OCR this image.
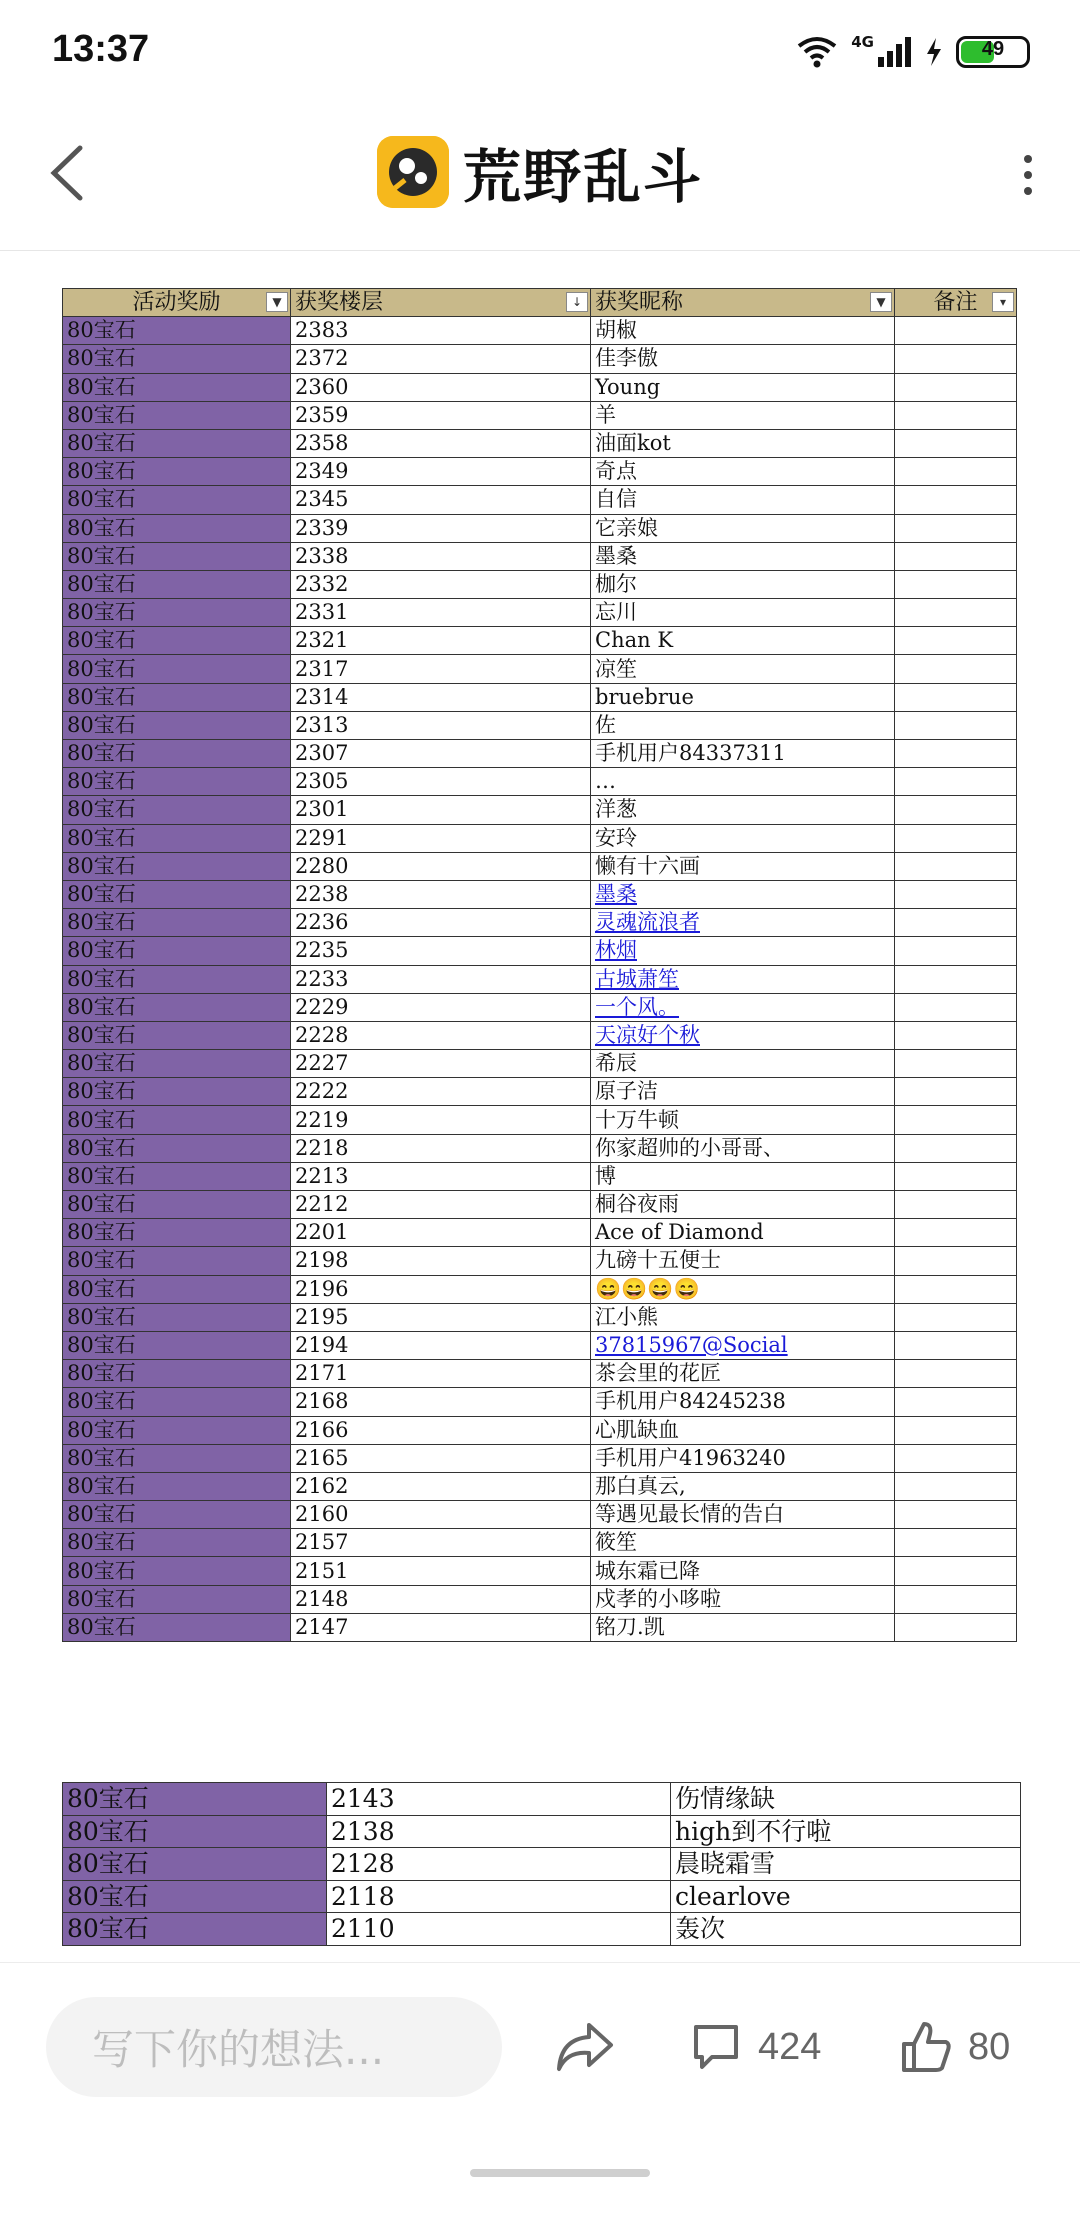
13:37	4G	49
荒野乱斗
活动奖励 ▼	获奖楼层 ↓	获奖昵称 ▼	备注 ▾

80宝石	2383	胡椒	
80宝石	2372	佳李傲	
80宝石	2360	Young	
80宝石	2359	羊	
80宝石	2358	油面kot	
80宝石	2349	奇点	
80宝石	2345	自信	
80宝石	2339	它亲娘	
80宝石	2338	墨桑	
80宝石	2332	枷尔	
80宝石	2331	忘川	
80宝石	2321	Chan K	
80宝石	2317	凉笙	
80宝石	2314	bruebrue	
80宝石	2313	佐	
80宝石	2307	手机用户84337311	
80宝石	2305	…	
80宝石	2301	洋葱	
80宝石	2291	安玲	
80宝石	2280	懒有十六画	
80宝石	2238	墨桑	
80宝石	2236	灵魂流浪者	
80宝石	2235	林烟	
80宝石	2233	古城萧笙	
80宝石	2229	一个风。	
80宝石	2228	天凉好个秋	
80宝石	2227	希辰	
80宝石	2222	原子洁	
80宝石	2219	十万牛顿	
80宝石	2218	你家超帅的小哥哥、	
80宝石	2213	博	
80宝石	2212	桐谷夜雨	
80宝石	2201	Ace of Diamond	
80宝石	2198	九磅十五便士	
80宝石	2196	😄😄😄😄	
80宝石	2195	江小熊	
80宝石	2194	37815967@Social	
80宝石	2171	茶会里的花匠	
80宝石	2168	手机用户84245238	
80宝石	2166	心肌缺血	
80宝石	2165	手机用户41963240	
80宝石	2162	那白真云,	
80宝石	2160	等遇见最长情的告白	
80宝石	2157	筱笙	
80宝石	2151	城东霜已降	
80宝石	2148	戍孝的小哆啦	
80宝石	2147	铭刀.凯	
80宝石	2143	伤情缘缺
80宝石	2138	high到不行啦
80宝石	2128	晨晓霜雪
80宝石	2118	clearlove
80宝石	2110	轰次
写下你的想法...	424	80
